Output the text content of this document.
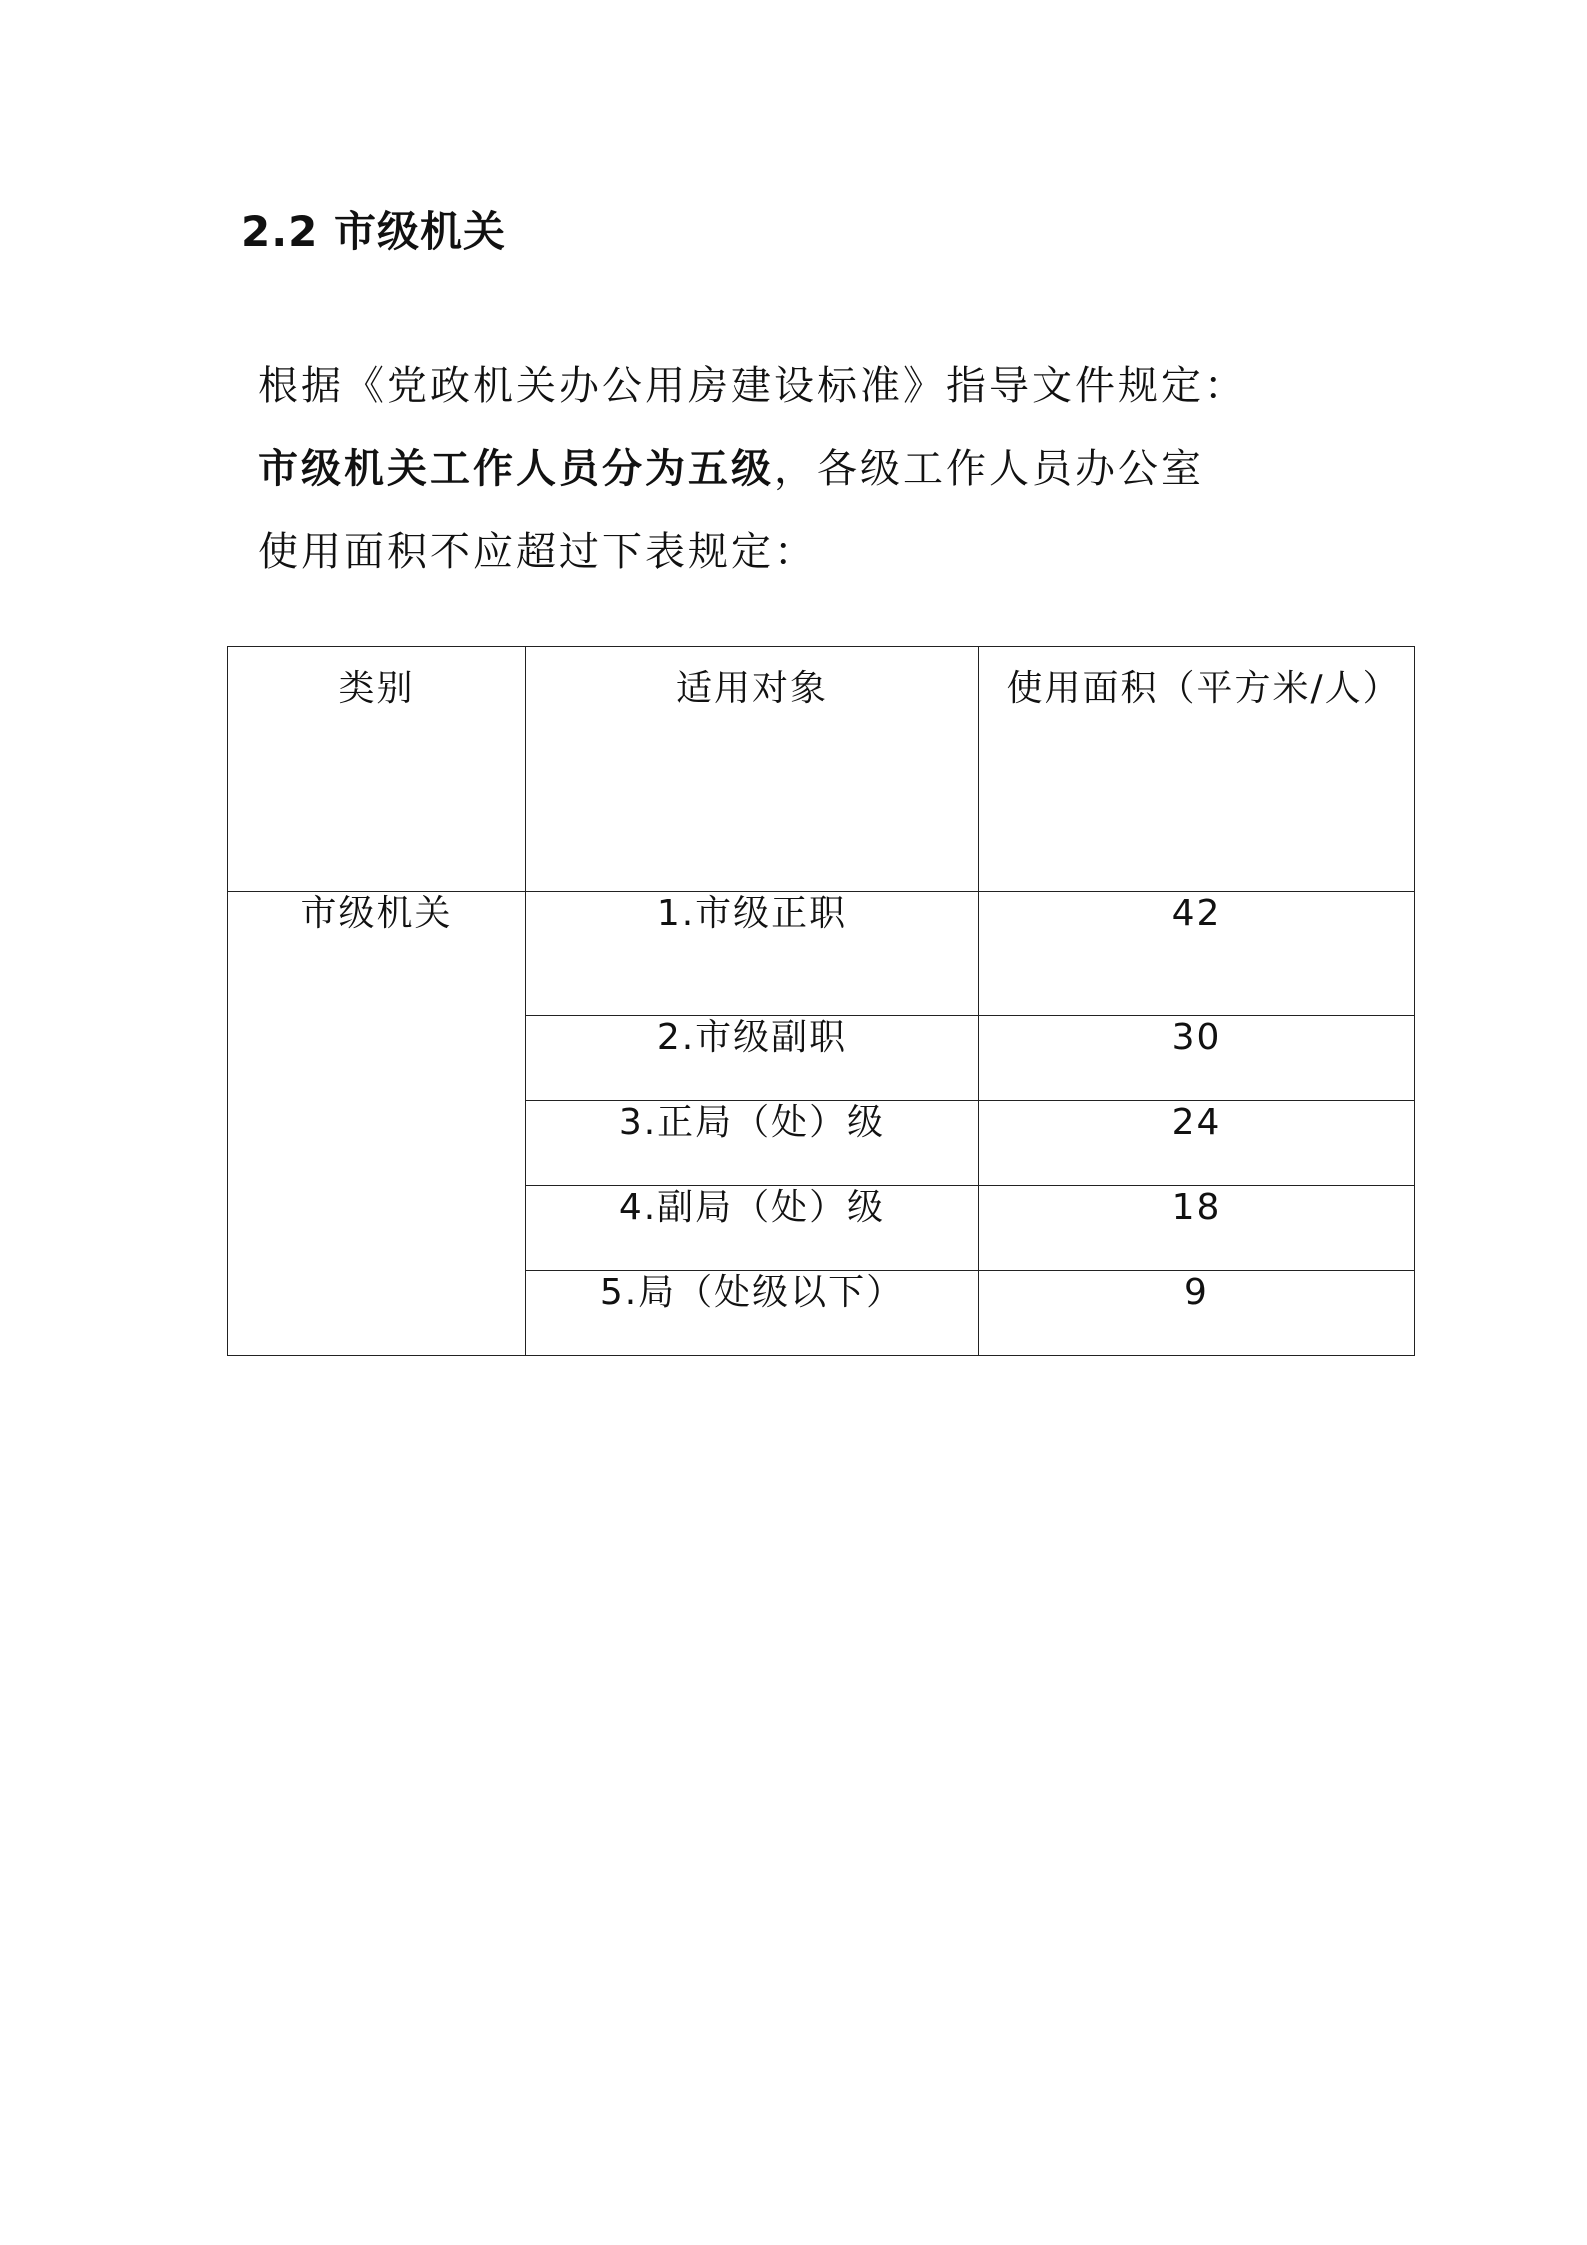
2.2 市级机关
根据《党政机关办公用房建设标准》指导文件规定：
市级机关工作人员分为五级，各级工作人员办公室
使用面积不应超过下表规定：
类别	适用对象	使用面积（平方米/人）
市级机关	1.市级正职	42
	2.市级副职	30
	3.正局（处）级	24
	4.副局（处）级	18
	5.局（处级以下）	9
